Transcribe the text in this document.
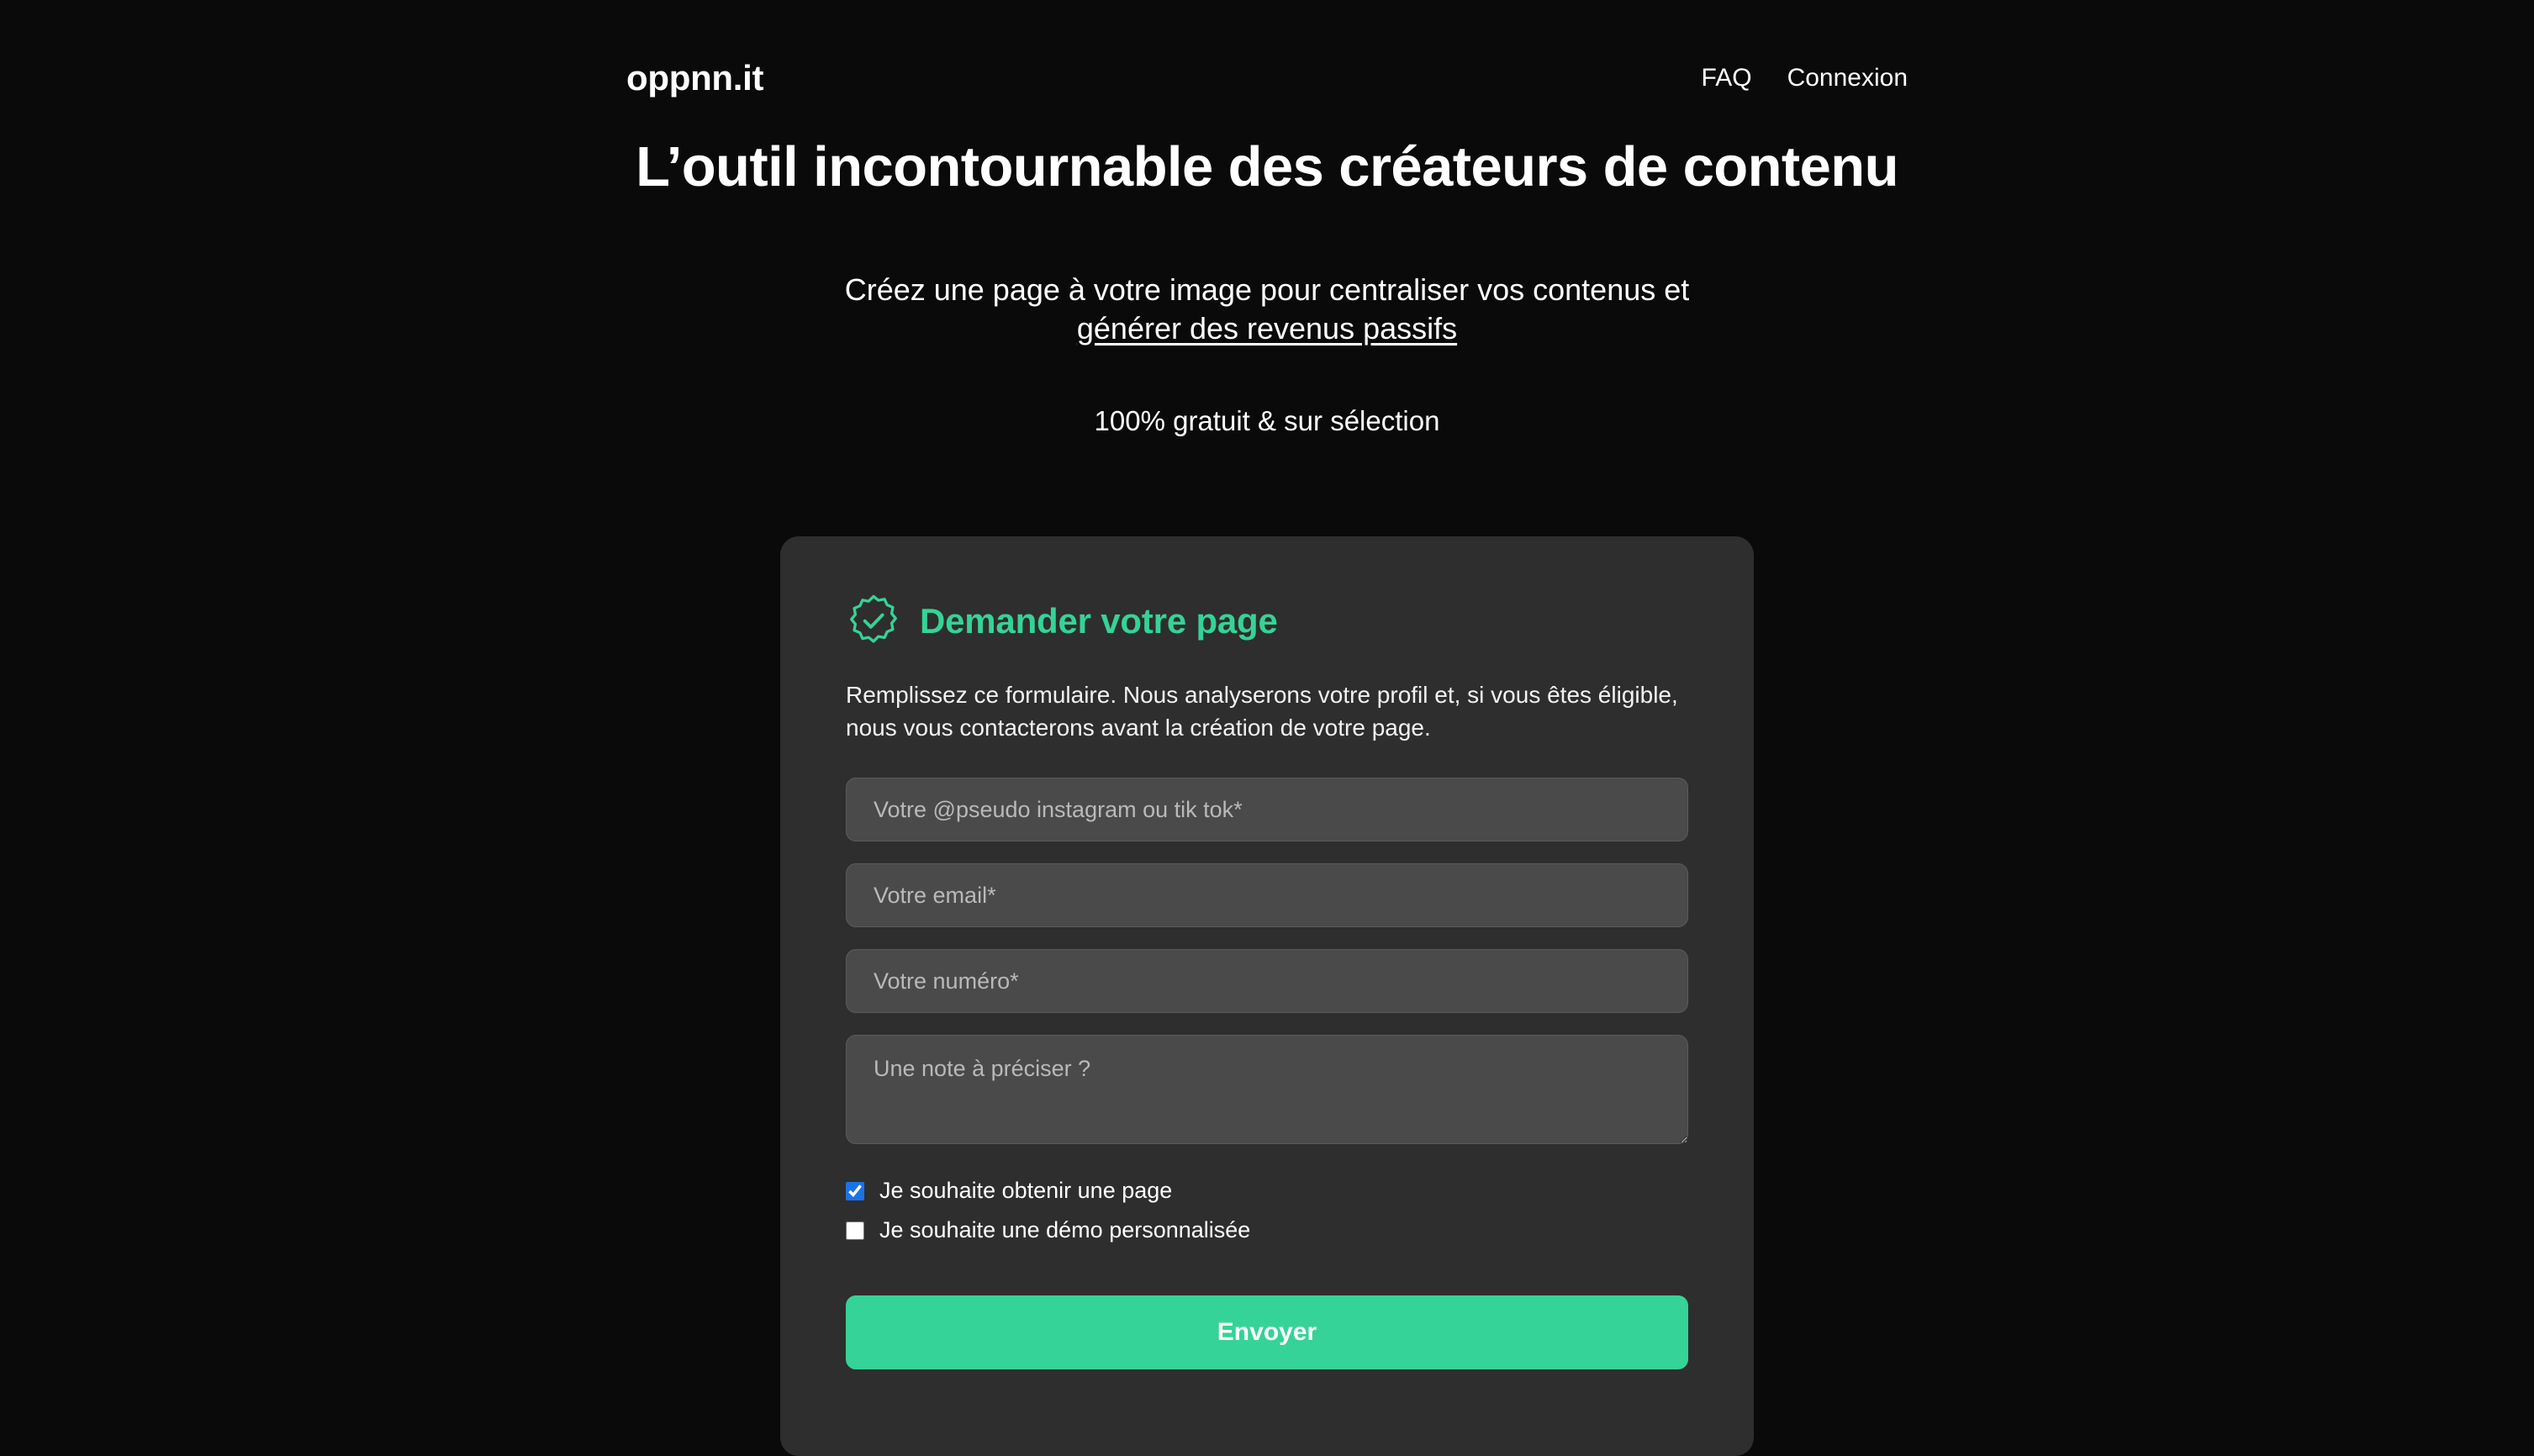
oppnn.it	FAQ Connexion
L’outil incontournable des créateurs de contenu

Créez une page à votre image pour centraliser vos contenus et
générer des revenus passifs

100% gratuit & sur sélection

Demander votre page
Remplissez ce formulaire. Nous analyserons votre profil et, si vous êtes éligible, nous vous contacterons avant la création de votre page.
Votre @pseudo instagram ou tik tok*
Votre email*
Votre numéro*
Une note à préciser ?
Je souhaite obtenir une page
Je souhaite une démo personnalisée
Envoyer
